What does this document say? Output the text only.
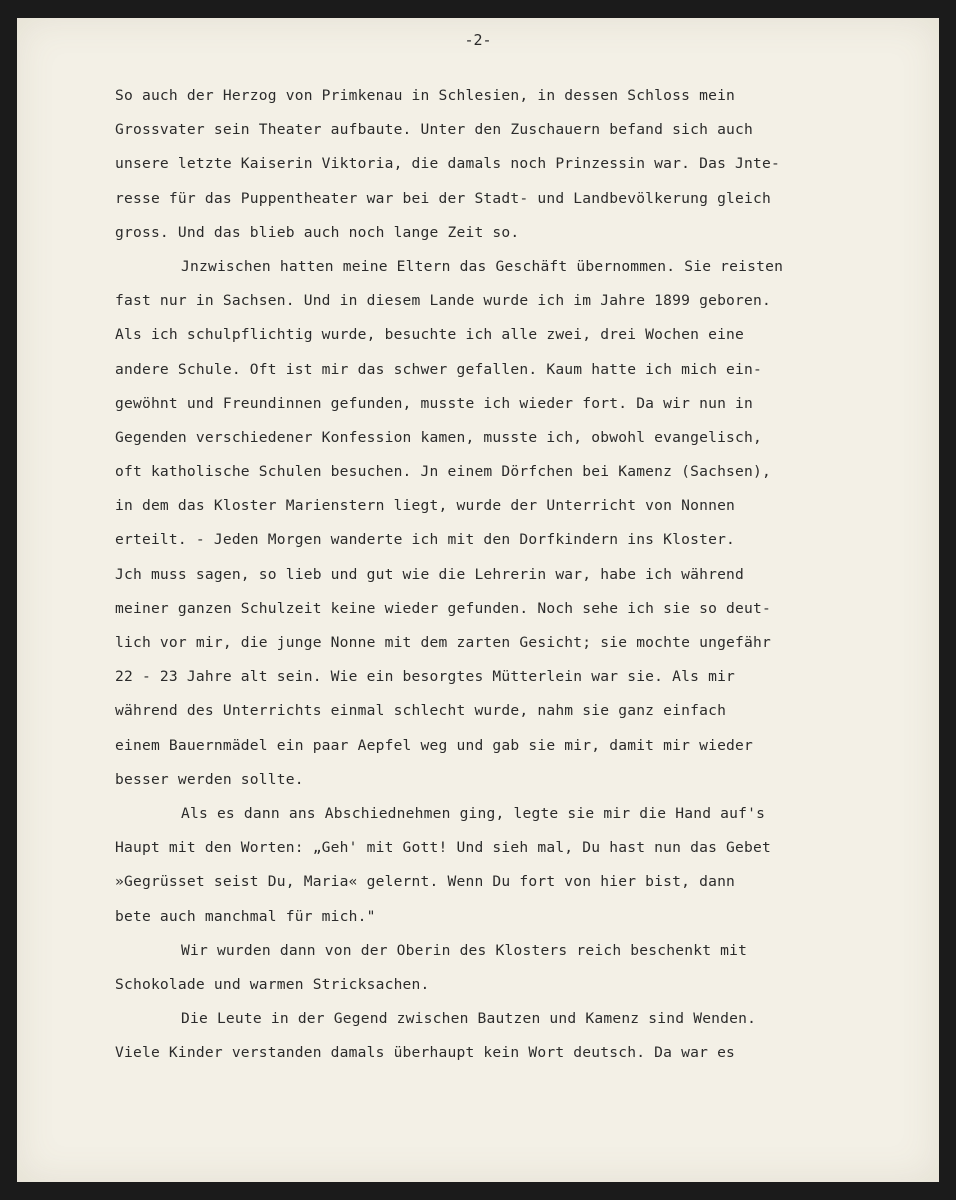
-2-
So auch der Herzog von Primkenau in Schlesien, in dessen Schloss mein
Grossvater sein Theater aufbaute. Unter den Zuschauern befand sich auch
unsere letzte Kaiserin Viktoria, die damals noch Prinzessin war. Das Jnte-
resse für das Puppentheater war bei der Stadt- und Landbevölkerung gleich
gross. Und das blieb auch noch lange Zeit so.
Jnzwischen hatten meine Eltern das Geschäft übernommen. Sie reisten
fast nur in Sachsen. Und in diesem Lande wurde ich im Jahre 1899 geboren.
Als ich schulpflichtig wurde, besuchte ich alle zwei, drei Wochen eine
andere Schule. Oft ist mir das schwer gefallen. Kaum hatte ich mich ein-
gewöhnt und Freundinnen gefunden, musste ich wieder fort. Da wir nun in
Gegenden verschiedener Konfession kamen, musste ich, obwohl evangelisch,
oft katholische Schulen besuchen. Jn einem Dörfchen bei Kamenz (Sachsen),
in dem das Kloster Marienstern liegt, wurde der Unterricht von Nonnen
erteilt. - Jeden Morgen wanderte ich mit den Dorfkindern ins Kloster.
Jch muss sagen, so lieb und gut wie die Lehrerin war, habe ich während
meiner ganzen Schulzeit keine wieder gefunden. Noch sehe ich sie so deut-
lich vor mir, die junge Nonne mit dem zarten Gesicht; sie mochte ungefähr
22 - 23 Jahre alt sein. Wie ein besorgtes Mütterlein war sie. Als mir
während des Unterrichts einmal schlecht wurde, nahm sie ganz einfach
einem Bauernmädel ein paar Aepfel weg und gab sie mir, damit mir wieder
besser werden sollte.
Als es dann ans Abschiednehmen ging, legte sie mir die Hand auf's
Haupt mit den Worten: „Geh' mit Gott! Und sieh mal, Du hast nun das Gebet
»Gegrüsset seist Du, Maria« gelernt. Wenn Du fort von hier bist, dann
bete auch manchmal für mich."
Wir wurden dann von der Oberin des Klosters reich beschenkt mit
Schokolade und warmen Stricksachen.
Die Leute in der Gegend zwischen Bautzen und Kamenz sind Wenden.
Viele Kinder verstanden damals überhaupt kein Wort deutsch. Da war es
